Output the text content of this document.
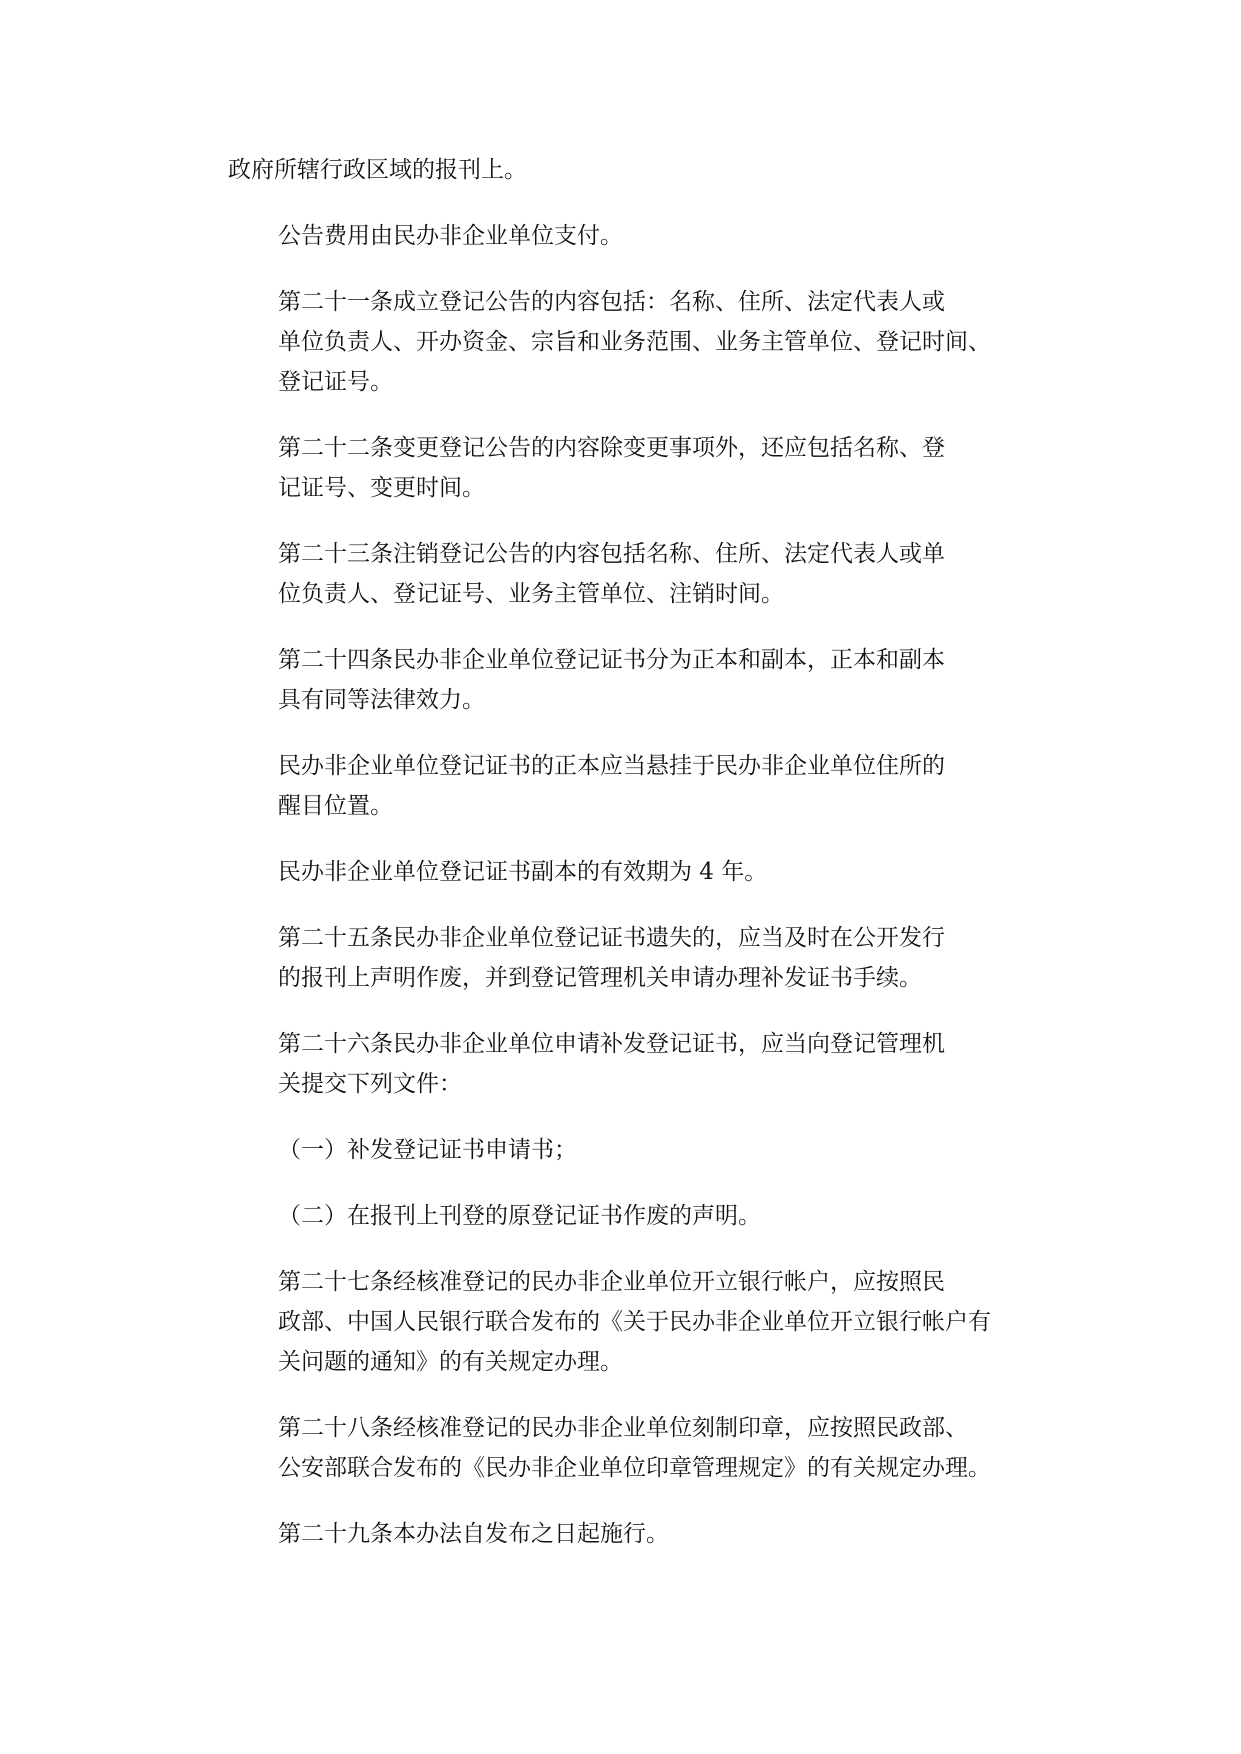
政府所辖行政区域的报刊上。

公告费用由民办非企业单位支付。

第二十一条成立登记公告的内容包括：名称、住所、法定代表人或
单位负责人、开办资金、宗旨和业务范围、业务主管单位、登记时间、
登记证号。

第二十二条变更登记公告的内容除变更事项外，还应包括名称、登
记证号、变更时间。

第二十三条注销登记公告的内容包括名称、住所、法定代表人或单
位负责人、登记证号、业务主管单位、注销时间。

第二十四条民办非企业单位登记证书分为正本和副本，正本和副本
具有同等法律效力。

民办非企业单位登记证书的正本应当悬挂于民办非企业单位住所的
醒目位置。

民办非企业单位登记证书副本的有效期为 4 年。

第二十五条民办非企业单位登记证书遗失的，应当及时在公开发行
的报刊上声明作废，并到登记管理机关申请办理补发证书手续。

第二十六条民办非企业单位申请补发登记证书，应当向登记管理机
关提交下列文件：

（一）补发登记证书申请书；

（二）在报刊上刊登的原登记证书作废的声明。

第二十七条经核准登记的民办非企业单位开立银行帐户，应按照民
政部、中国人民银行联合发布的《关于民办非企业单位开立银行帐户有
关问题的通知》的有关规定办理。

第二十八条经核准登记的民办非企业单位刻制印章，应按照民政部、
公安部联合发布的《民办非企业单位印章管理规定》的有关规定办理。

第二十九条本办法自发布之日起施行。
